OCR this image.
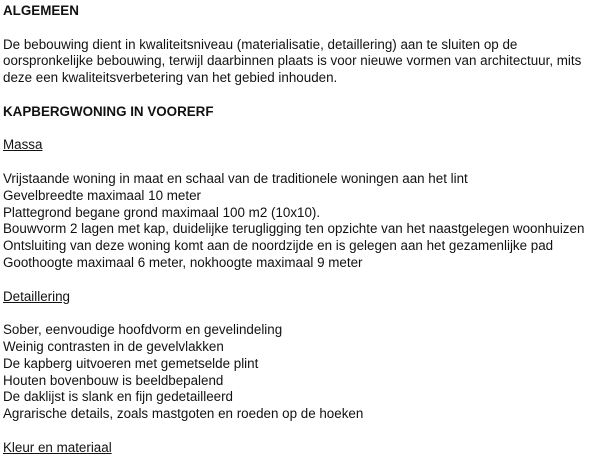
ALGEMEEN

De bebouwing dient in kwaliteitsniveau (materialisatie, detaillering) aan te sluiten op de

oorspronkelijke bebouwing, terwijl daarbinnen plaats is voor nieuwe vormen van architectuur, mits

deze een kwaliteitsverbetering van het gebied inhouden.

KAPBERGWONING IN VOORERF

Massa

Vrijstaande woning in maat en schaal van de traditionele woningen aan het lint

Gevelbreedte maximaal 10 meter

Plattegrond begane grond maximaal 100 m2 (10x10).

Bouwvorm 2 lagen met kap, duidelijke terugligging ten opzichte van het naastgelegen woonhuizen

Ontsluiting van deze woning komt aan de noordzijde en is gelegen aan het gezamenlijke pad

Goothoogte maximaal 6 meter, nokhoogte maximaal 9 meter

Detaillering

Sober, eenvoudige hoofdvorm en gevelindeling

Weinig contrasten in de gevelvlakken

De kapberg uitvoeren met gemetselde plint

Houten bovenbouw is beeldbepalend

De daklijst is slank en fijn gedetailleerd

Agrarische details, zoals mastgoten en roeden op de hoeken

Kleur en materiaal
